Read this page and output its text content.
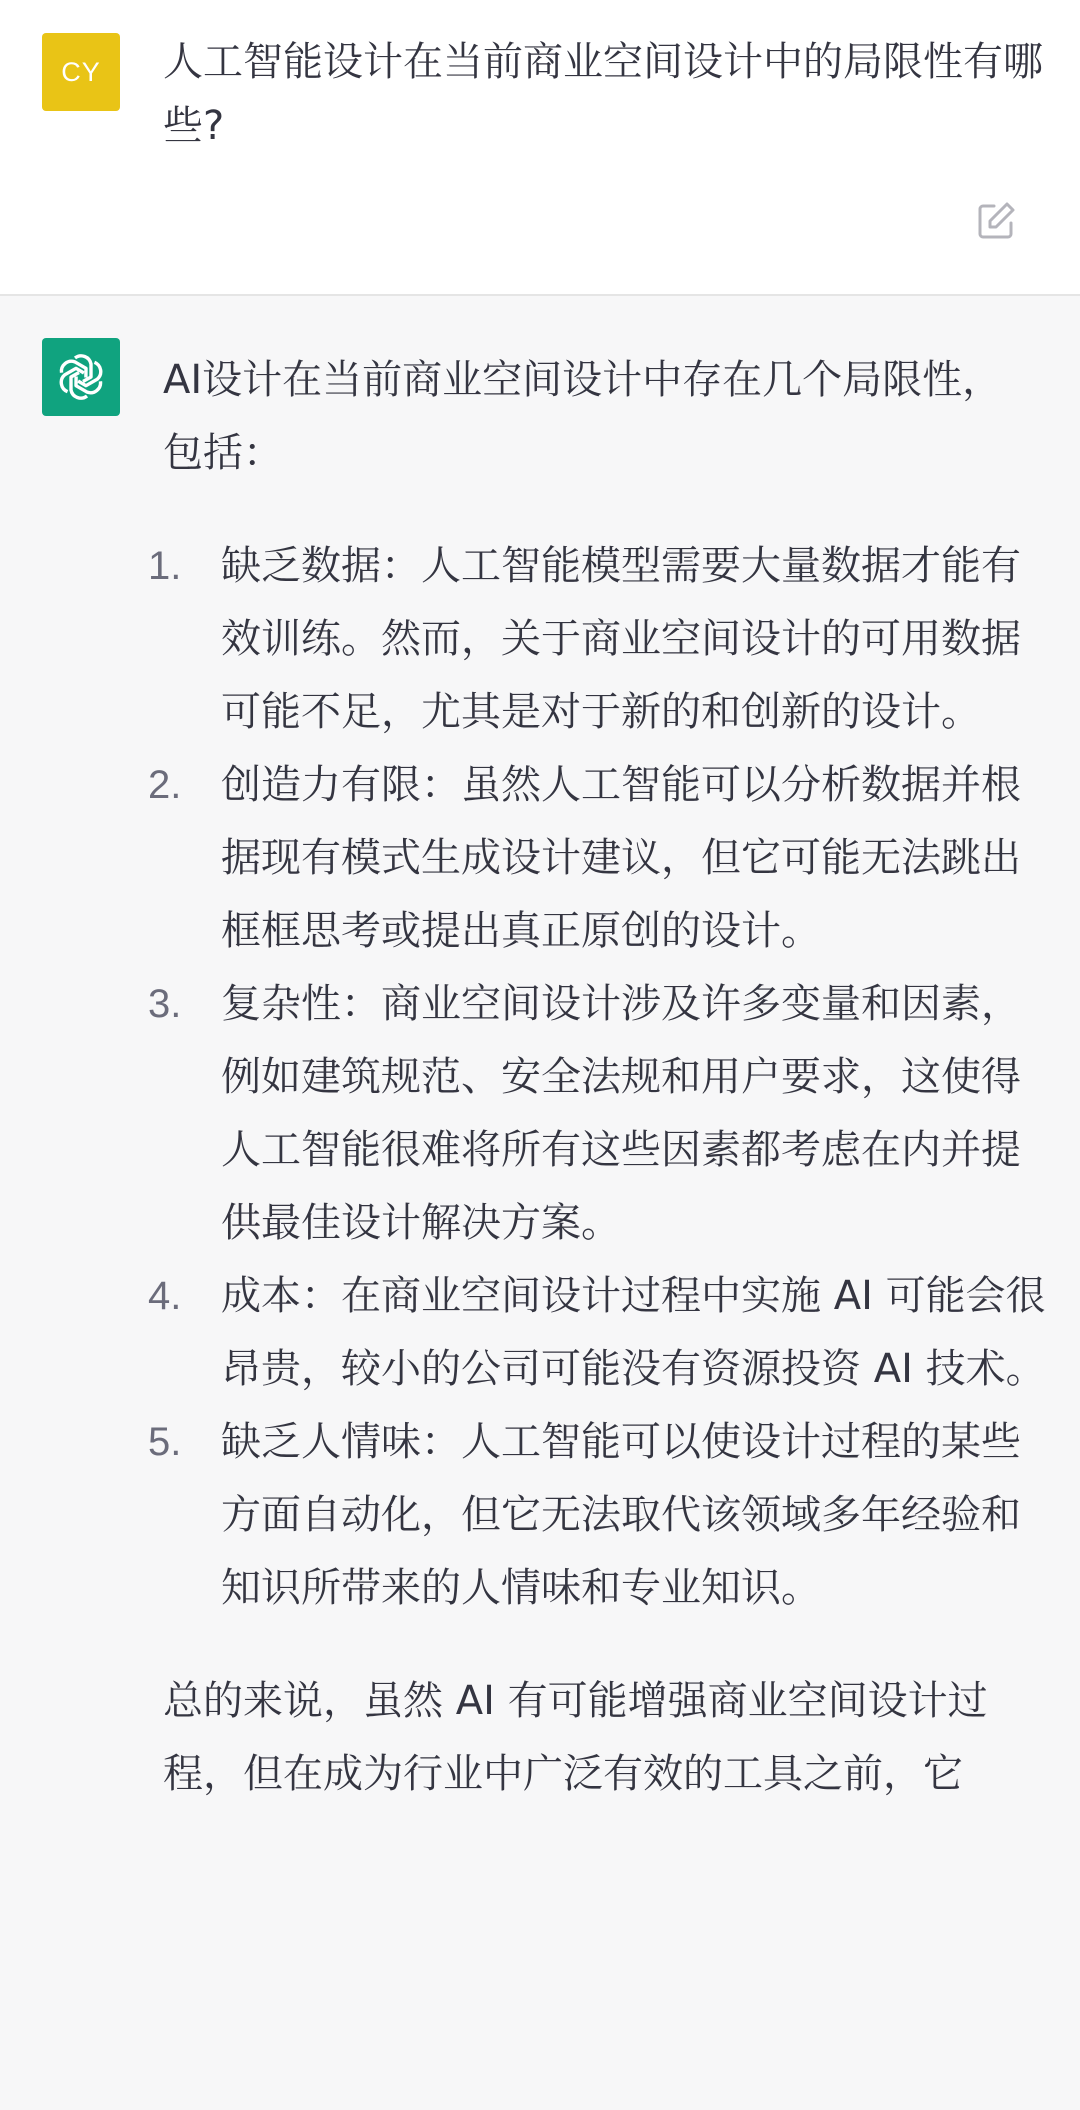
CY	人工智能设计在当前商业空间设计中的局限性有哪些?

AI设计在当前商业空间设计中存在几个局限性，包括：

1. 缺乏数据：人工智能模型需要大量数据才能有效训练。然而，关于商业空间设计的可用数据可能不足，尤其是对于新的和创新的设计。
2. 创造力有限：虽然人工智能可以分析数据并根据现有模式生成设计建议，但它可能无法跳出框框思考或提出真正原创的设计。
3. 复杂性：商业空间设计涉及许多变量和因素，例如建筑规范、安全法规和用户要求，这使得人工智能很难将所有这些因素都考虑在内并提供最佳设计解决方案。
4. 成本：在商业空间设计过程中实施 AI 可能会很昂贵，较小的公司可能没有资源投资 AI 技术。
5. 缺乏人情味：人工智能可以使设计过程的某些方面自动化，但它无法取代该领域多年经验和知识所带来的人情味和专业知识。

总的来说，虽然 AI 有可能增强商业空间设计过程，但在成为行业中广泛有效的工具之前，它
